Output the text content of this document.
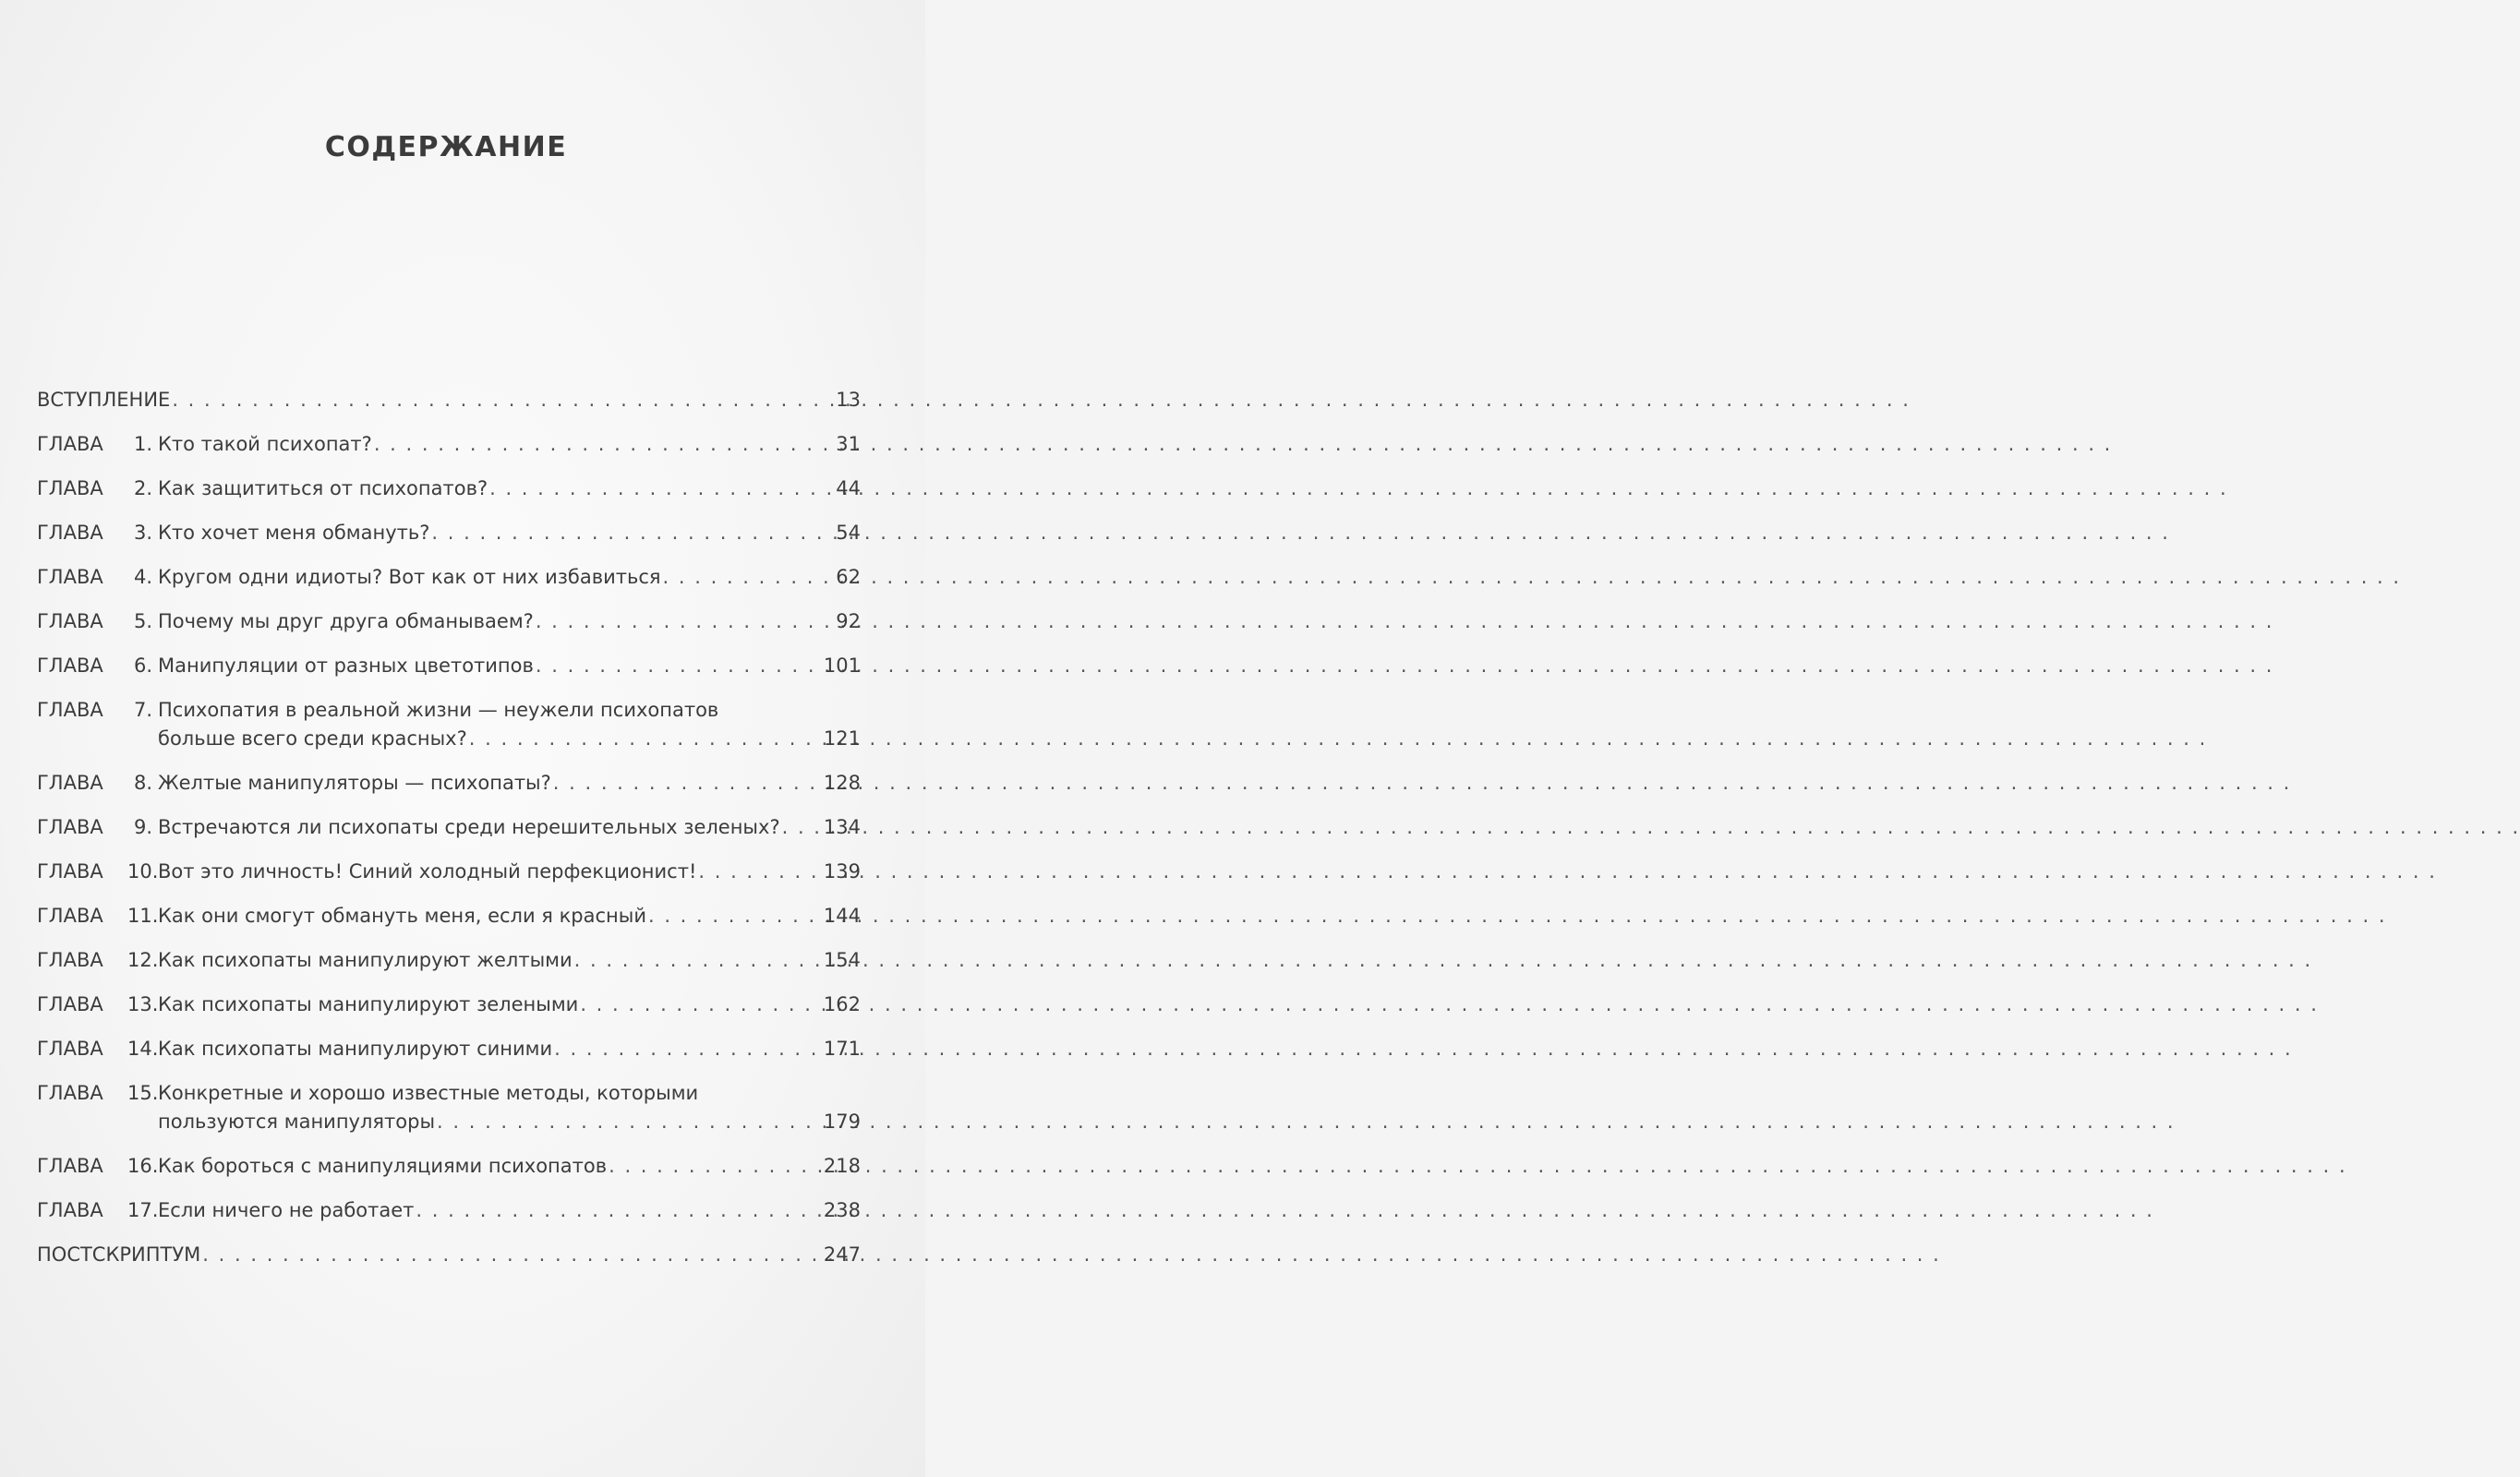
СОДЕРЖАНИЕ
ВСТУПЛЕНИЕ . . .	13
ГЛАВА 1. Кто такой психопат? . . .	31
ГЛАВА 2. Как защититься от психопатов? . . .	44
ГЛАВА 3. Кто хочет меня обмануть? . . .	54
ГЛАВА 4. Кругом одни идиоты? Вот как от них избавиться . . .	62
ГЛАВА 5. Почему мы друг друга обманываем? . . .	92
ГЛАВА 6. Манипуляции от разных цветотипов . . .	101
ГЛАВА 7. Психопатия в реальной жизни — неужели психопатов
больше всего среди красных? . . .	121
ГЛАВА 8. Желтые манипуляторы — психопаты? . . .	128
ГЛАВА 9. Встречаются ли психопаты среди нерешительных зеленых? . . . 134
ГЛАВА 10. Вот это личность! Синий холодный перфекционист! . . .	139
ГЛАВА 11. Как они смогут обмануть меня, если я красный . . .	144
ГЛАВА 12. Как психопаты манипулируют желтыми . . .	154
ГЛАВА 13. Как психопаты манипулируют зелеными . . .	162
ГЛАВА 14. Как психопаты манипулируют синими . . .	171
ГЛАВА 15. Конкретные и хорошо известные методы, которыми
пользуются манипуляторы . . .	179
ГЛАВА 16. Как бороться с манипуляциями психопатов . . .	218
ГЛАВА 17. Если ничего не работает . . .	238
ПОСТСКРИПТУМ . . .	247
